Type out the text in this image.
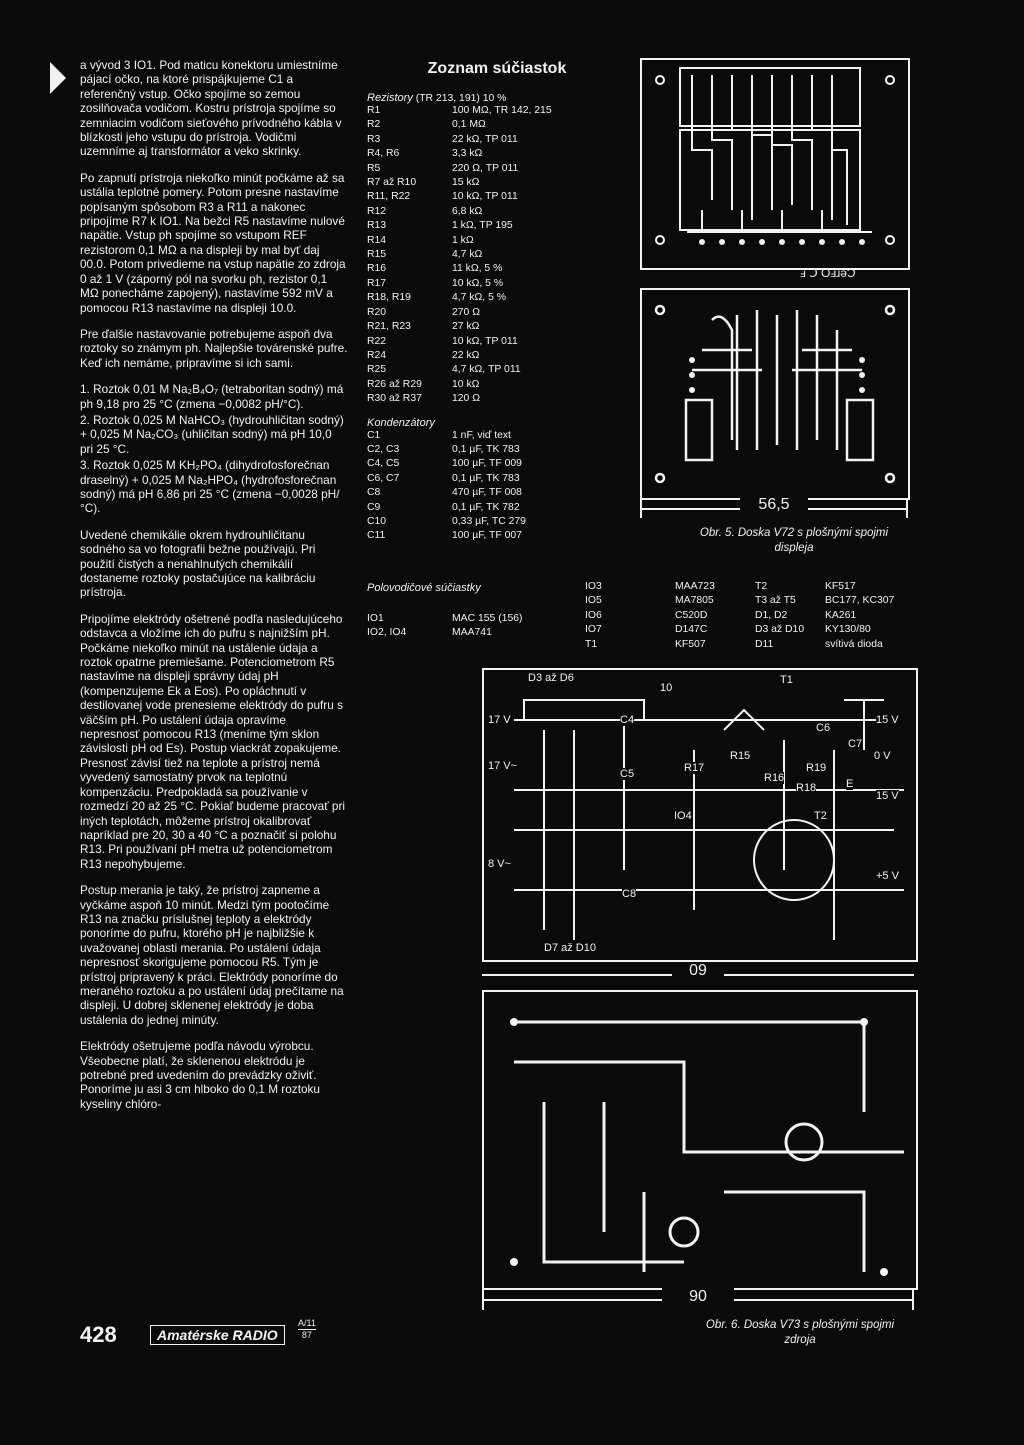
a vývod 3 IO1. Pod maticu konektoru umiestníme pájací očko, na ktoré prispájkujeme C1 a referenčný vstup. Očko spojíme so zemou zosilňovača vodičom. Kostru prístroja spojíme so zemniacim vodičom sieťového prívodného kábla v blízkosti jeho vstupu do prístroja. Vodičmi uzemníme aj transformátor a veko skrinky.

Po zapnutí prístroja niekoľko minút počkáme až sa ustália teplotné pomery. Potom presne nastavíme popísaným spôsobom R3 a R11 a nakonec pripojíme R7 k IO1. Na bežci R5 nastavíme nulové napätie. Vstup ph spojíme so vstupom REF rezistorom 0,1 MΩ a na displeji by mal byť daj 00.0. Potom privedieme na vstup napätie zo zdroja 0 až 1 V (záporný pól na svorku ph, rezistor 0,1 MΩ ponecháme zapojený), nastavíme 592 mV a pomocou R13 nastavíme na displeji 10.0.

Pre ďalšie nastavovanie potrebujeme aspoň dva roztoky so známym ph. Najlepšie továrenské pufre. Keď ich nemáme, pripravíme si ich sami.

1. Roztok 0,01 M Na₂B₄O₇ (tetraboritan sodný) má ph 9,18 pro 25 °C (zmena −0,0082 pH/°C).

2. Roztok 0,025 M NaHCO₃ (hydrouhličitan sodný) + 0,025 M Na₂CO₃ (uhličitan sodný) má pH 10,0 pri 25 °C.

3. Roztok 0,025 M KH₂PO₄ (dihydrofosforečnan draselný) + 0,025 M Na₂HPO₄ (hydrofosforečnan sodný) má pH 6,86 pri 25 °C (zmena −0,0028 pH/°C).

Uvedené chemikálie okrem hydrouhličitanu sodného sa vo fotografii bežne používajú. Pri použití čistých a nenahlnutých chemikálií dostaneme roztoky postačujúce na kalibráciu prístroja.

Pripojíme elektródy ošetrené podľa nasledujúceho odstavca a vložíme ich do pufru s najnižším pH. Počkáme niekoľko minút na ustálenie údaja a roztok opatrne premiešame. Potenciometrom R5 nastavíme na displeji správny údaj pH (kompenzujeme Ek a Eos). Po opláchnutí v destilovanej vode prenesieme elektródy do pufru s väčším pH. Po ustálení údaja opravíme nepresnosť pomocou R13 (meníme tým sklon závislosti pH od Es). Postup viackrát zopakujeme. Presnosť závisí tiež na teplote a prístroj nemá vyvedený samostatný prvok na teplotnú kompenzáciu. Predpokladá sa používanie v rozmedzí 20 až 25 °C. Pokiaľ budeme pracovať pri iných teplotách, môžeme prístroj okalibrovať napríklad pre 20, 30 a 40 °C a poznačiť si polohu R13. Pri používaní pH metra už potenciometrom R13 nepohybujeme.

Postup merania je taký, že prístroj zapneme a vyčkáme aspoň 10 minút. Medzi tým pootočíme R13 na značku príslušnej teploty a elektródy ponoríme do pufru, ktorého pH je najbližšie k uvažovanej oblasti merania. Po ustálení údaja nepresnosť skorigujeme pomocou R5. Tým je prístroj pripravený k práci. Elektródy ponoríme do meraného roztoku a po ustálení údaj prečítame na displeji. U dobrej sklenenej elektródy je doba ustálenia do jednej minúty.

Elektródy ošetrujeme podľa návodu výrobcu. Všeobecne platí, že sklenenou elektródu je potrebné pred uvedením do prevádzky oživiť. Ponoríme ju asi 3 cm hlboko do 0,1 M roztoku kyseliny chlóro-

Zoznam súčiastok
Rezistory (TR 213, 191) 10 %
R1	100 MΩ, TR 142, 215
R2	0,1 MΩ
R3	22 kΩ, TP 011
R4, R6	3,3 kΩ
R5	220 Ω, TP 011
R7 až R10	15 kΩ
R11, R22	10 kΩ, TP 011
R12	6,8 kΩ
R13	1 kΩ, TP 195
R14	1 kΩ
R15	4,7 kΩ
R16	11 kΩ, 5 %
R17	10 kΩ, 5 %
R18, R19	4,7 kΩ, 5 %
R20	270 Ω
R21, R23	27 kΩ
R22	10 kΩ, TP 011
R24	22 kΩ
R25	4,7 kΩ, TP 011
R26 až R29	10 kΩ
R30 až R37	120 Ω
Kondenzátory
C1	1 nF, viď text
C2, C3	0,1 µF, TK 783
C4, C5	100 µF, TF 009
C6, C7	0,1 µF, TK 783
C8	470 µF, TF 008
C9	0,1 µF, TK 782
C10	0,33 µF, TC 279
C11	100 µF, TF 007
Polovodičové súčiastky
IO1	MAC 155 (156)
IO2, IO4	MAA741
IO3	MAA723	T2	KF517
IO5	MA7805	T3 až T5	BC177, KC307
IO6	C520D	D1, D2	KA261
IO7	D147C	D3 až D10	KY130/80
T1	KF507	D11	svítivá dioda
ⅎ Ↄ OⅎɹǝƆ
56,5
Obr. 5. Doska V72 s plošnými spojmi displeja
D3 až D6	T1
17 V	C4
C6
15 V
C7
0 V
R15
R17
C5	R16
R19
R18	E
15 V
17 V~
IO4	T2
8 V~
C8
+5 V
D7 až D10
10
09
90
Obr. 6. Doska V73 s plošnými spojmi zdroja
428	Amatérske RADIO
A/11
87
